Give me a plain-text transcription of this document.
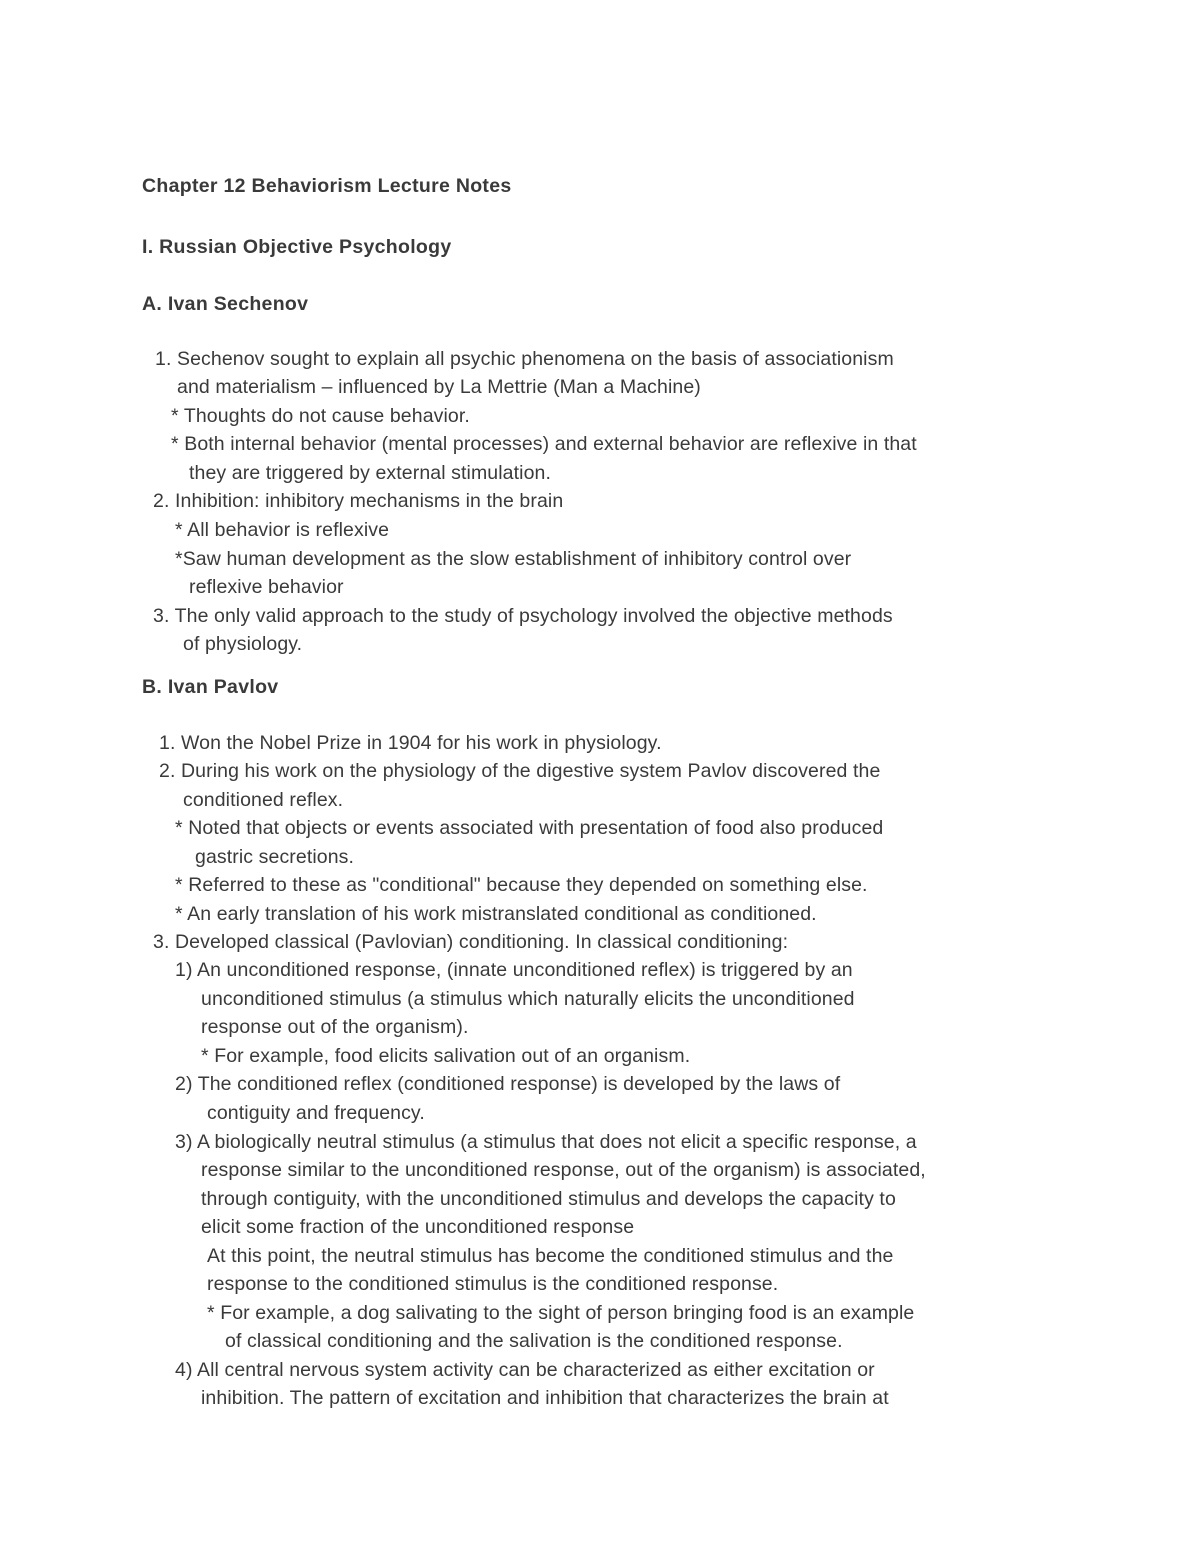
Chapter 12 Behaviorism Lecture Notes
I. Russian Objective Psychology
A. Ivan Sechenov
1. Sechenov sought to explain all psychic phenomena on the basis of associationism
and materialism – influenced by La Mettrie (Man a Machine)
* Thoughts do not cause behavior.
* Both internal behavior (mental processes) and external behavior are reflexive in that
they are triggered by external stimulation.
2. Inhibition: inhibitory mechanisms in the brain
* All behavior is reflexive
*Saw human development as the slow establishment of inhibitory control over
reflexive behavior
3. The only valid approach to the study of psychology involved the objective methods
of physiology.
B. Ivan Pavlov
1. Won the Nobel Prize in 1904 for his work in physiology.
2. During his work on the physiology of the digestive system Pavlov discovered the
conditioned reflex.
* Noted that objects or events associated with presentation of food also produced
gastric secretions.
* Referred to these as "conditional" because they depended on something else.
* An early translation of his work mistranslated conditional as conditioned.
3. Developed classical (Pavlovian) conditioning. In classical conditioning:
1) An unconditioned response, (innate unconditioned reflex) is triggered by an
unconditioned stimulus (a stimulus which naturally elicits the unconditioned
response out of the organism).
* For example, food elicits salivation out of an organism.
2) The conditioned reflex (conditioned response) is developed by the laws of
contiguity and frequency.
3) A biologically neutral stimulus (a stimulus that does not elicit a specific response, a
response similar to the unconditioned response, out of the organism) is associated,
through contiguity, with the unconditioned stimulus and develops the capacity to
elicit some fraction of the unconditioned response
At this point, the neutral stimulus has become the conditioned stimulus and the
response to the conditioned stimulus is the conditioned response.
* For example, a dog salivating to the sight of person bringing food is an example
of classical conditioning and the salivation is the conditioned response.
4) All central nervous system activity can be characterized as either excitation or
inhibition. The pattern of excitation and inhibition that characterizes the brain at
